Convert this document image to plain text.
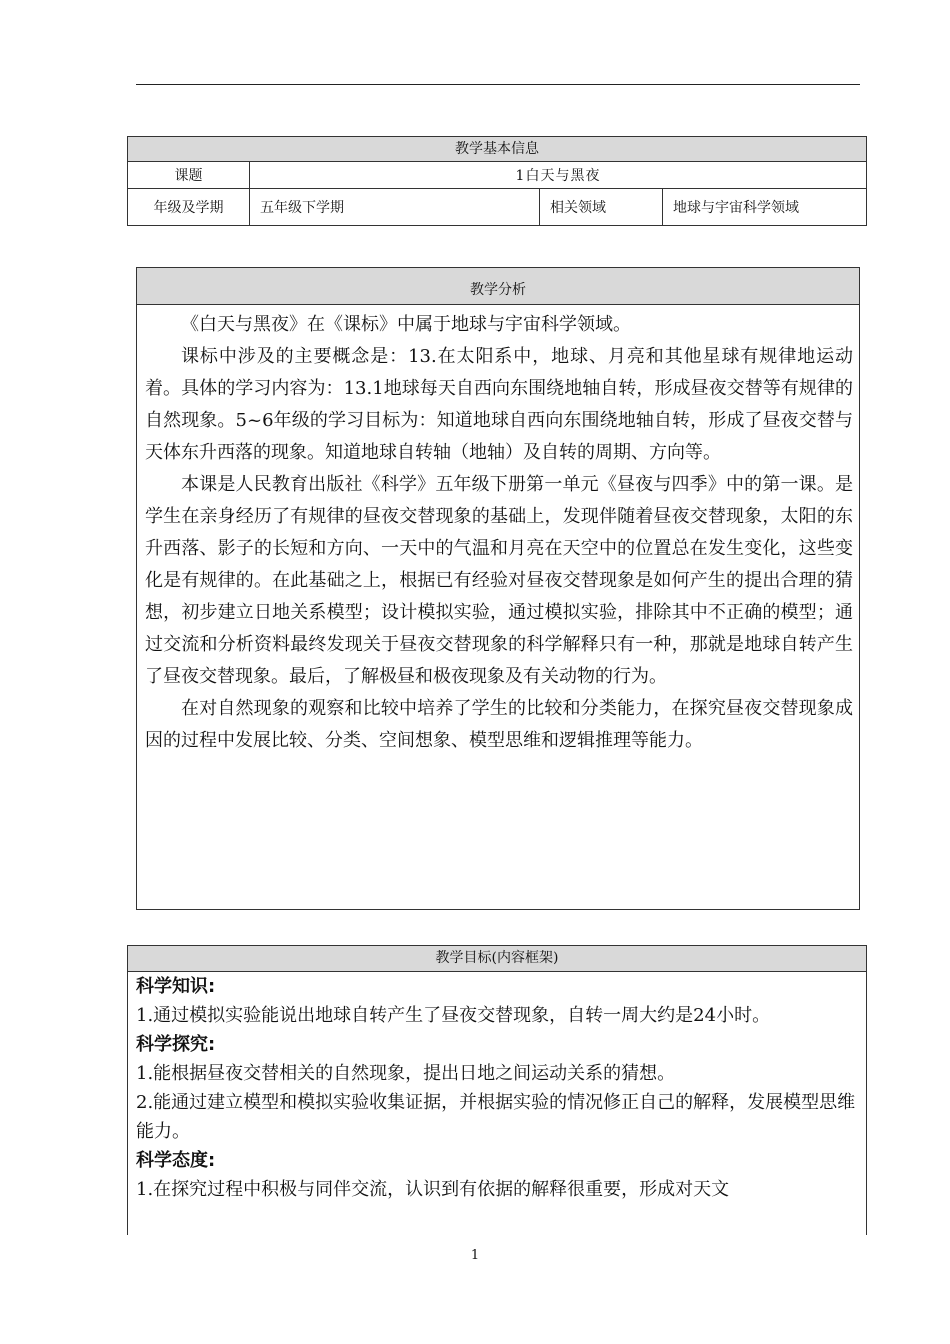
教学基本信息
课题	1白天与黑夜
年级及学期	五年级下学期	相关领域	地球与宇宙科学领域
教学分析

《白天与黑夜》在《课标》中属于地球与宇宙科学领域。

课标中涉及的主要概念是：13.在太阳系中，地球、月亮和其他星球有规律地运动着。具体的学习内容为：13.1地球每天自西向东围绕地轴自转，形成昼夜交替等有规律的自然现象。5~6年级的学习目标为：知道地球自西向东围绕地轴自转，形成了昼夜交替与天体东升西落的现象。知道地球自转轴（地轴）及自转的周期、方向等。

本课是人民教育出版社《科学》五年级下册第一单元《昼夜与四季》中的第一课。是学生在亲身经历了有规律的昼夜交替现象的基础上，发现伴随着昼夜交替现象，太阳的东升西落、影子的长短和方向、一天中的气温和月亮在天空中的位置总在发生变化，这些变化是有规律的。在此基础之上，根据已有经验对昼夜交替现象是如何产生的提出合理的猜想，初步建立日地关系模型；设计模拟实验，通过模拟实验，排除其中不正确的模型；通过交流和分析资料最终发现关于昼夜交替现象的科学解释只有一种，那就是地球自转产生了昼夜交替现象。最后，了解极昼和极夜现象及有关动物的行为。

在对自然现象的观察和比较中培养了学生的比较和分类能力，在探究昼夜交替现象成因的过程中发展比较、分类、空间想象、模型思维和逻辑推理等能力。

教学目标(内容框架)
科学知识:
1.通过模拟实验能说出地球自转产生了昼夜交替现象，自转一周大约是24小时。
科学探究:
1.能根据昼夜交替相关的自然现象，提出日地之间运动关系的猜想。
2.能通过建立模型和模拟实验收集证据，并根据实验的情况修正自己的解释，发展模型思维能力。
科学态度:
1.在探究过程中积极与同伴交流，认识到有依据的解释很重要，形成对天文
1
